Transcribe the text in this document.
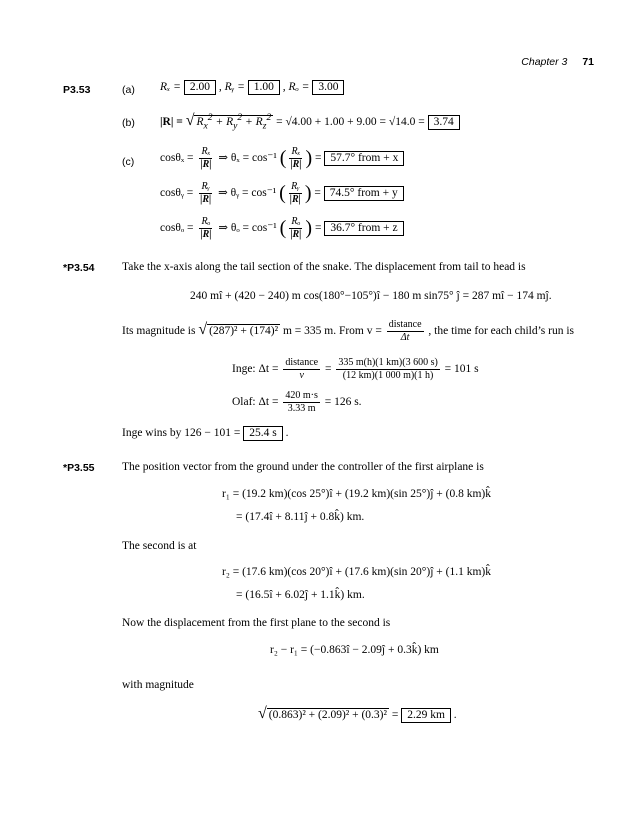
Chapter 3 71
P3.53	(a) Rₓ = 2.00 , Rᵧ = 1.00 , Rₒ = 3.00
(b) |R| = √ $R_x^2 + R_y^2 + R_z^2 = √4.00 + 1.00 + 9.00 = √14.0 = 3.74$
(c) $\cos\theta_x = \frac{\text{Rₓ}}{|R|}$ ⇒ θₓ = cos⁻¹ ( $\frac{\text{Rₓ}}{|R|}$ ) = 57.7° from + x
cosθᵧ = $\frac{\text{Rᵧ}}{|R|}$ ⇒ θᵧ = cos⁻¹ ( $\frac{\text{Rᵧ}}{|R|}$ ) = 74.5° from + y
$\cos\theta_o = \frac{\text{Rₒ}}{|R|}$ ⇒ θₒ = cos⁻¹ ( $\frac{\text{Rₒ}}{|R|}$ ) = 36.7° from + z
*P3.54 Take the x-axis along the tail section of the snake. The displacement from tail to head is
240 mî + (420 − 240) m cos(180°−105°)î − 180 m sin75° ĵ = 287 mî − 174 mĵ.
Its magnitude is √ (287)² + (174)² m = 335 m. From $v = \frac{\text{distance}}{\Delta t}$ , the time for each child’s run is
Inge: $\Delta t = \frac{\text{distance}}{v} = \frac{335 m(h)(1 km)(3 600 s)}{(12 km)(1 000 m)(1 h)} = 101$ s
Olaf: $\Delta t = \frac{420 m\cdot s}{3.33 m} = 126$ s.
Inge wins by 126 − 101 = 25.4 s .
*P3.55 The position vector from the ground under the controller of the first airplane is
r₁ = (19.2 km)(cos 25°)î + (19.2 km)(sin 25°)ĵ + (0.8 km)k̂
= (17.4î + 8.11ĵ + 0.8k̂) km.
The second is at
r₂ = (17.6 km)(cos 20°)î + (17.6 km)(sin 20°)ĵ + (1.1 km)k̂
= (16.5î + 6.02ĵ + 1.1k̂) km.
Now the displacement from the first plane to the second is
r₂ − r₁ = (−0.863î − 2.09ĵ + 0.3k̂) km
with magnitude
√ (0.863)² + (2.09)² + (0.3)² = 2.29 km .
